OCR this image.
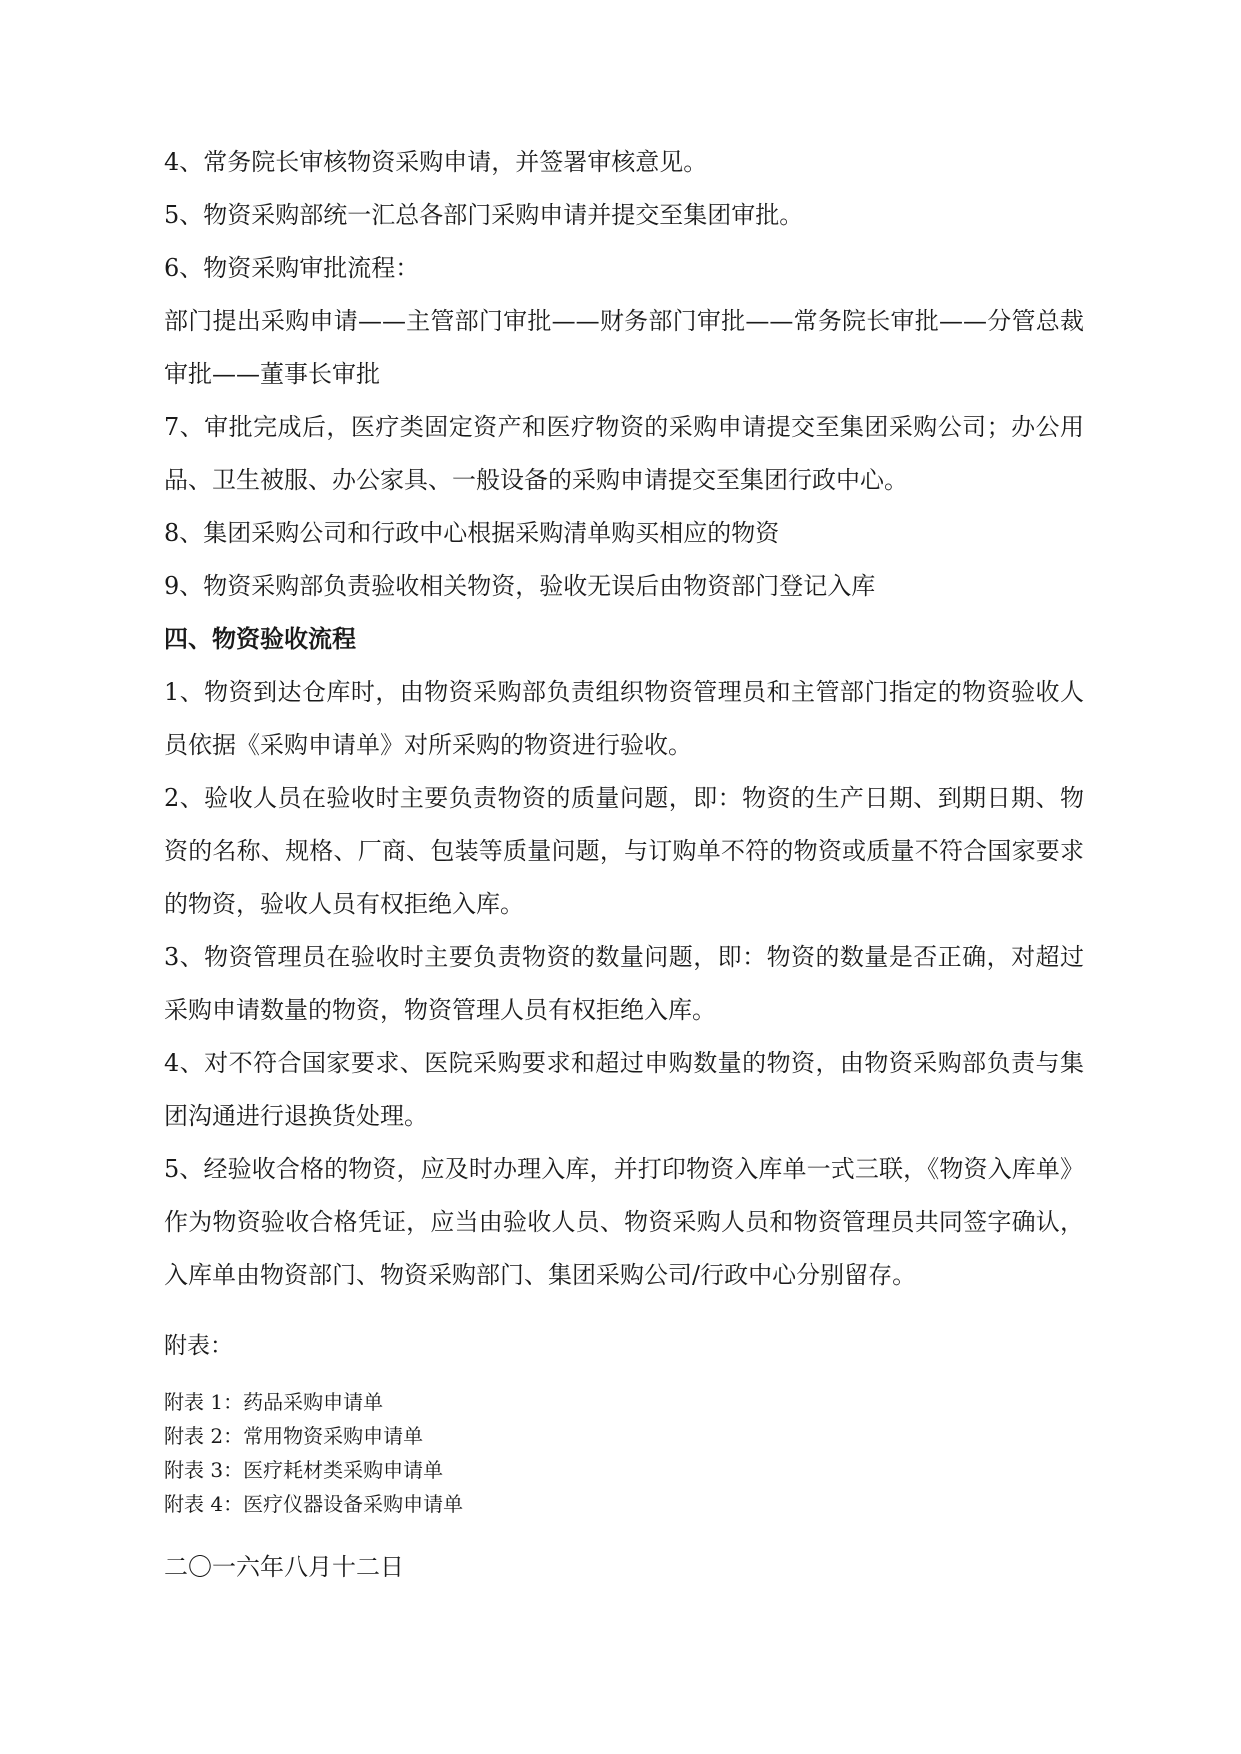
4、常务院长审核物资采购申请，并签署审核意见。

5、物资采购部统一汇总各部门采购申请并提交至集团审批。

6、物资采购审批流程：

部门提出采购申请——主管部门审批——财务部门审批——常务院长审批——分管总裁审批——董事长审批

7、审批完成后，医疗类固定资产和医疗物资的采购申请提交至集团采购公司；办公用品、卫生被服、办公家具、一般设备的采购申请提交至集团行政中心。

8、集团采购公司和行政中心根据采购清单购买相应的物资

9、物资采购部负责验收相关物资，验收无误后由物资部门登记入库

四、物资验收流程

1、物资到达仓库时，由物资采购部负责组织物资管理员和主管部门指定的物资验收人员依据《采购申请单》对所采购的物资进行验收。

2、验收人员在验收时主要负责物资的质量问题，即：物资的生产日期、到期日期、物资的名称、规格、厂商、包装等质量问题，与订购单不符的物资或质量不符合国家要求的物资，验收人员有权拒绝入库。

3、物资管理员在验收时主要负责物资的数量问题，即：物资的数量是否正确，对超过采购申请数量的物资，物资管理人员有权拒绝入库。

4、对不符合国家要求、医院采购要求和超过申购数量的物资，由物资采购部负责与集团沟通进行退换货处理。

5、经验收合格的物资，应及时办理入库，并打印物资入库单一式三联，《物资入库单》作为物资验收合格凭证，应当由验收人员、物资采购人员和物资管理员共同签字确认，入库单由物资部门、物资采购部门、集团采购公司/行政中心分别留存。

附表：

附表 1：药品采购申请单
附表 2：常用物资采购申请单
附表 3：医疗耗材类采购申请单
附表 4：医疗仪器设备采购申请单

二〇一六年八月十二日
